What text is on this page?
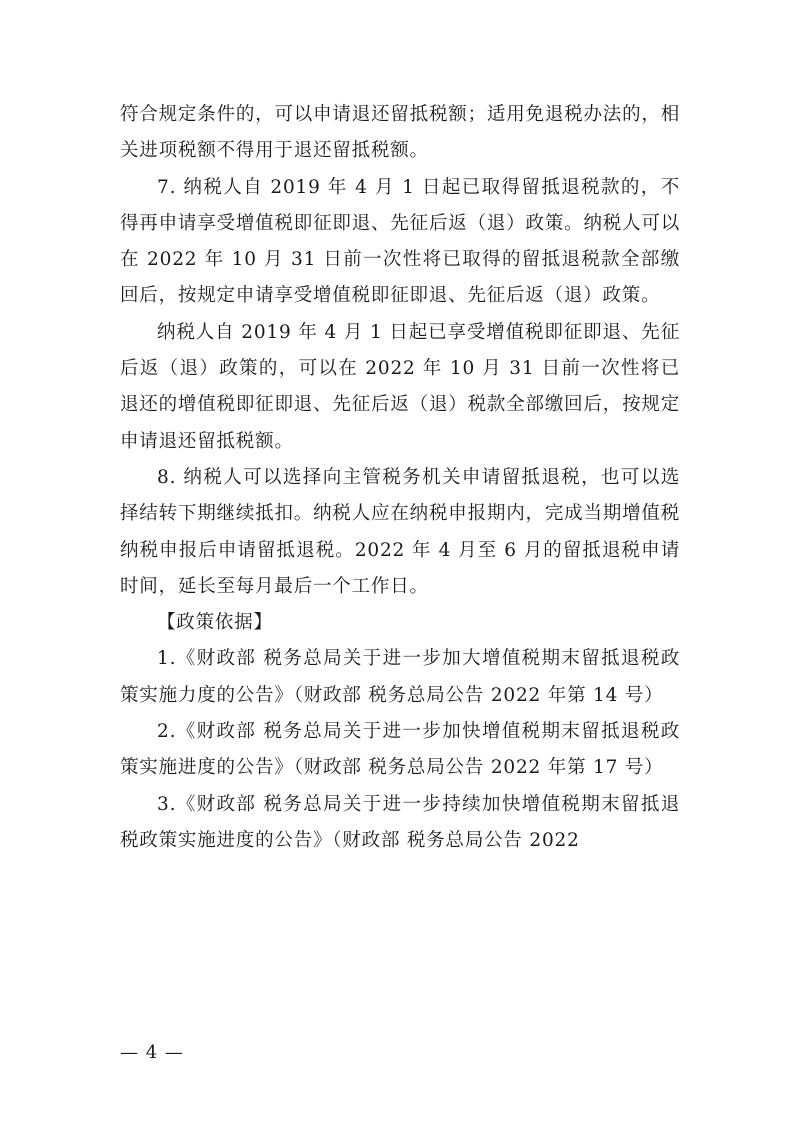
符合规定条件的，可以申请退还留抵税额；适用免退税办法的，相关进项税额不得用于退还留抵税额。

7. 纳税人自 2019 年 4 月 1 日起已取得留抵退税款的，不得再申请享受增值税即征即退、先征后返（退）政策。纳税人可以在 2022 年 10 月 31 日前一次性将已取得的留抵退税款全部缴回后，按规定申请享受增值税即征即退、先征后返（退）政策。

纳税人自 2019 年 4 月 1 日起已享受增值税即征即退、先征后返（退）政策的，可以在 2022 年 10 月 31 日前一次性将已退还的增值税即征即退、先征后返（退）税款全部缴回后，按规定申请退还留抵税额。

8. 纳税人可以选择向主管税务机关申请留抵退税，也可以选择结转下期继续抵扣。纳税人应在纳税申报期内，完成当期增值税纳税申报后申请留抵退税。2022 年 4 月至 6 月的留抵退税申请时间，延长至每月最后一个工作日。

【政策依据】

1.《财政部 税务总局关于进一步加大增值税期末留抵退税政策实施力度的公告》（财政部 税务总局公告 2022 年第 14 号）

2.《财政部 税务总局关于进一步加快增值税期末留抵退税政策实施进度的公告》（财政部 税务总局公告 2022 年第 17 号）

3.《财政部 税务总局关于进一步持续加快增值税期末留抵退税政策实施进度的公告》（财政部 税务总局公告 2022

— 4 —
